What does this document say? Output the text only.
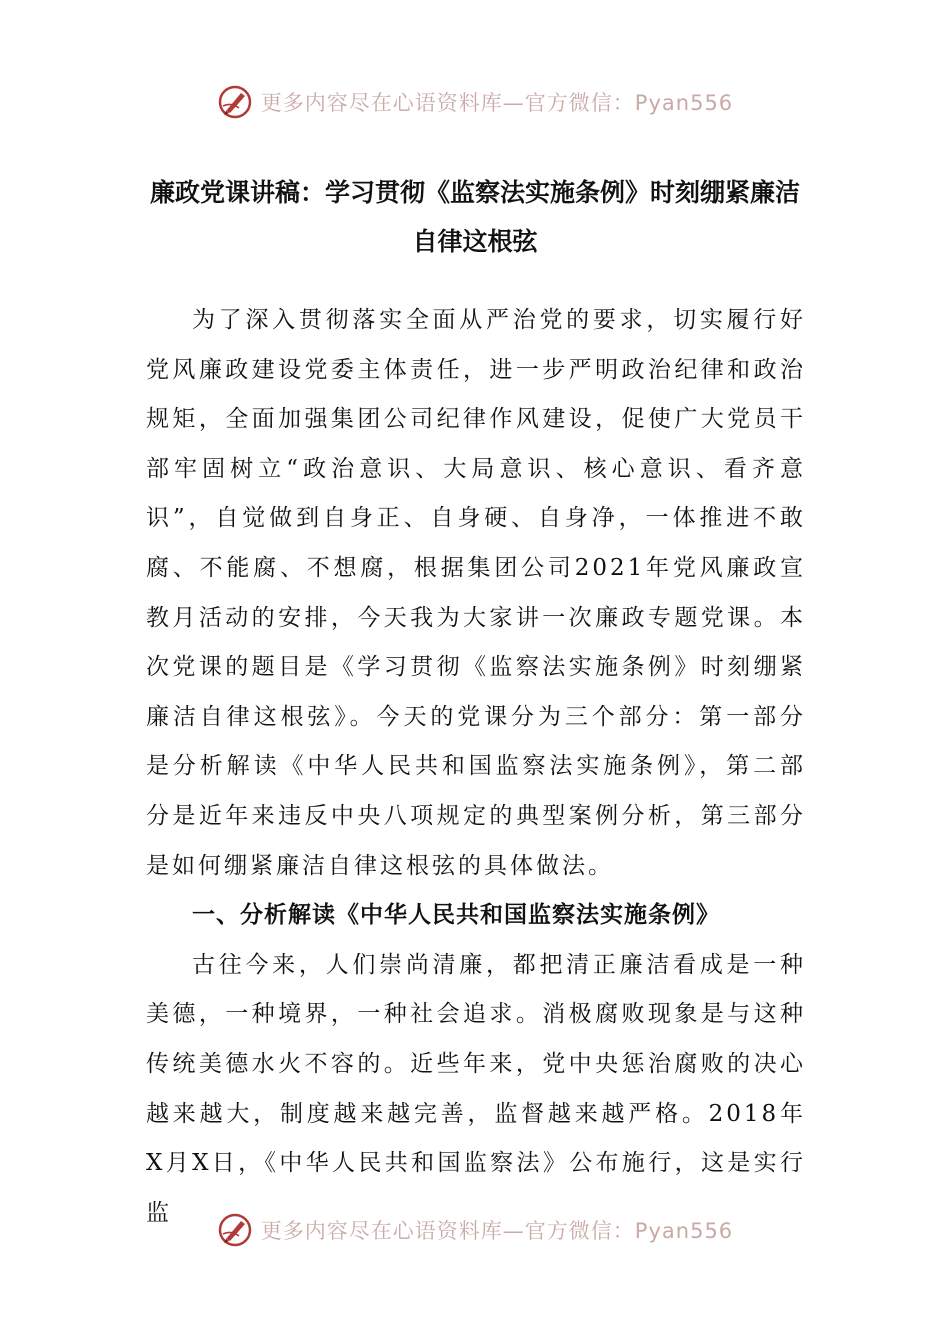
更多内容尽在心语资料库—官方微信：Pyan556
廉政党课讲稿：学习贯彻《监察法实施条例》时刻绷紧廉洁自律这根弦

为了深入贯彻落实全面从严治党的要求，切实履行好党风廉政建设党委主体责任，进一步严明政治纪律和政治规矩，全面加强集团公司纪律作风建设，促使广大党员干部牢固树立“政治意识、大局意识、核心意识、看齐意识”，自觉做到自身正、自身硬、自身净，一体推进不敢腐、不能腐、不想腐，根据集团公司2021年党风廉政宣教月活动的安排，今天我为大家讲一次廉政专题党课。本次党课的题目是《学习贯彻《监察法实施条例》时刻绷紧廉洁自律这根弦》。今天的党课分为三个部分：第一部分是分析解读《中华人民共和国监察法实施条例》，第二部分是近年来违反中央八项规定的典型案例分析，第三部分是如何绷紧廉洁自律这根弦的具体做法。

一、分析解读《中华人民共和国监察法实施条例》

古往今来，人们崇尚清廉，都把清正廉洁看成是一种美德，一种境界，一种社会追求。消极腐败现象是与这种传统美德水火不容的。近些年来，党中央惩治腐败的决心越来越大，制度越来越完善，监督越来越严格。2018年X月X日，《中华人民共和国监察法》公布施行，这是实行监

更多内容尽在心语资料库—官方微信：Pyan556
